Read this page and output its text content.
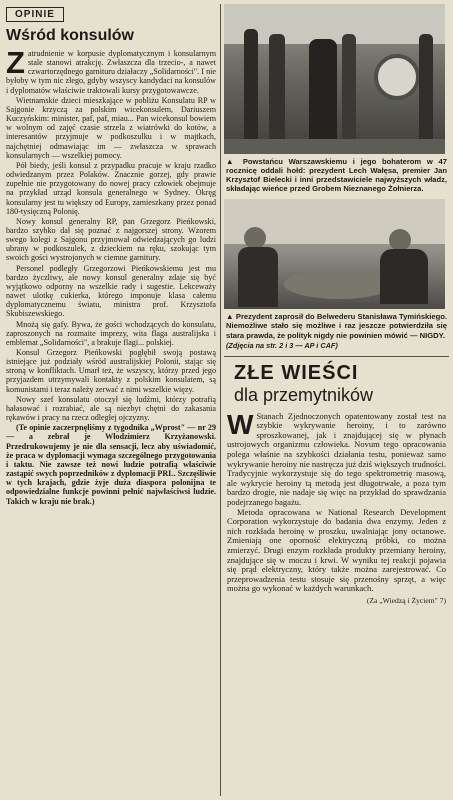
OPINIE
Wśród konsulów

Zatrudnienie w korpusie dyplomatycznym i konsularnym stale stanowi atrakcję. Zwłaszcza dla trzecio-, a nawet czwartorzędnego garnituru działaczy „Solidarności". I nie byłoby w tym nic złego, gdyby wszyscy kandydaci na konsulów i dyplomatów właściwie traktowali kursy przygotowawcze.

Wietnamskie dzieci mieszkające w pobliżu Konsulatu RP w Sajgonie krzyczą za polskim wicekonsulem, Dariuszem Kuczyńskim: minister, paf, paf, miau... Pan wicekonsul bowiem w wolnym od zajęć czasie strzela z wiatrówki do kotów, a interesantów przyjmuje w podkoszulku i w majtkach, najchętniej odmawiając im — zwłaszcza w sprawach konsularnych — wszelkiej pomocy.

Pół biedy, jeśli konsul z przypadku pracuje w kraju rzadko odwiedzanym przez Polaków. Znacznie gorzej, gdy prawie zupełnie nie przygotowany do nowej pracy człowiek obejmuje na przykład urząd konsula generalnego w Sydney. Okręg konsularny jest tu większy od Europy, zamieszkany przez ponad 180-tysięczną Polonię.

Nowy konsul generalny RP, pan Grzegorz Pieńkowski, bardzo szybko dał się poznać z najgorszej strony. Wzorem swego kolegi z Sajgonu przyjmował odwiedzających go ludzi ubrany w podkoszulek, z dzieckiem na ręku, szokując tym swoich gości wystrojonych w ciemne garnitury.

Personel podległy Grzegorzowi Pieńkowskiemu jest mu bardzo życzliwy, ale nowy konsul generalny zdaje się być wyjątkowo odporny na wszelkie rady i sugestie. Lekceważy nawet ulotkę cukierka, którego imponuje klasa całemu dyplomatycznemu światu, ministra prof. Krzysztofa Skubiszewskiego.

Mnożą się gafy. Bywa, że gości wchodzących do konsulatu, zaproszonych na rozmaite imprezy, wita flaga australijska i emblemat „Solidarności", a brakuje flagi... polskiej.

Konsul Grzegorz Pieńkowski pogłębił swoją postawą istniejące już podziały wśród australijskiej Polonii, stając się stroną w konfliktach. Umarł też, że wszyscy, którzy przed jego przyjazdem utrzymywali kontakty z polskim konsulatem, są komunistami i teraz należy zerwać z nimi wszelkie więzy.

Nowy szef konsulatu otoczył się ludźmi, którzy potrafią hałasować i rozrabiać, ale są niezbyt chętni do zakasania rękawów i pracy na rzecz odległej ojczyzny.

(Te opinie zaczerpnęliśmy z tygodnika „Wprost" — nr 29 — a zebrał je Włodzimierz Krzyżanowski. Przedrukowujemy je nie dla sensacji, lecz aby uświadomić, że praca w dyplomacji wymaga szczególnego przygotowania i taktu. Nie zawsze też nowi ludzie potrafią właściwie zastąpić swych poprzedników z dyplomacji PRL. Szczęśliwie w tych krajach, gdzie żyje duża diaspora polonijna te odpowiedzialne funkcje powinni pełnić najwłaściwsi ludzie. Takich w kraju nie brak.)

▲ Powstańcu Warszawskiemu i jego bohaterom w 47 rocznicę oddali hołd: prezydent Lech Wałęsa, premier Jan Krzysztof Bielecki i inni przedstawiciele najwyższych władz, składając wieńce przed Grobem Nieznanego Żołnierza.
▲ Prezydent zaprosił do Belwederu Stanisława Tymińskiego. Niemożliwe stało się możliwe i raz jeszcze potwierdziła się stara prawda, że polityk nigdy nie powinien mówić — NIGDY.
(Zdjęcia na str. 2 i 3 — AP i CAF)
ZŁE WIEŚCI
dla przemytników

W Stanach Zjednoczonych opatentowany został test na szybkie wykrywanie heroiny, i to zarówno sproszkowanej, jak i znajdującej się w płynach ustrojowych organizmu człowieka. Novum tego opracowania polega właśnie na szybkości działania testu, ponieważ samo wykrywanie heroiny nie nastręcza już dziś większych trudności. Tradycyjnie wykorzystuje się do tego spektrometrię masową, ale wykrycie heroiny tą metodą jest długotrwałe, a poza tym bardzo drogie, nie nadaje się więc na przykład do sprawdzania podejrzanego bagażu.

Metoda opracowana w National Research Development Corporation wykorzystuje do badania dwa enzymy. Jeden z nich rozkłada heroinę w proszku, uwalniając jony octanowe. Zmieniają one oporność elektryczną próbki, co można zmierzyć. Drugi enzym rozkłada produkty przemiany heroiny, znajdujące się w moczu i krwi. W wyniku tej reakcji pojawia się prąd elektryczny, który także można zarejestrować. Co przeprowadzenia testu stosuje się przenośny sprzęt, a więc można go wykonać w każdych warunkach.

(Za „Wiedzą i Życiem" 7)
